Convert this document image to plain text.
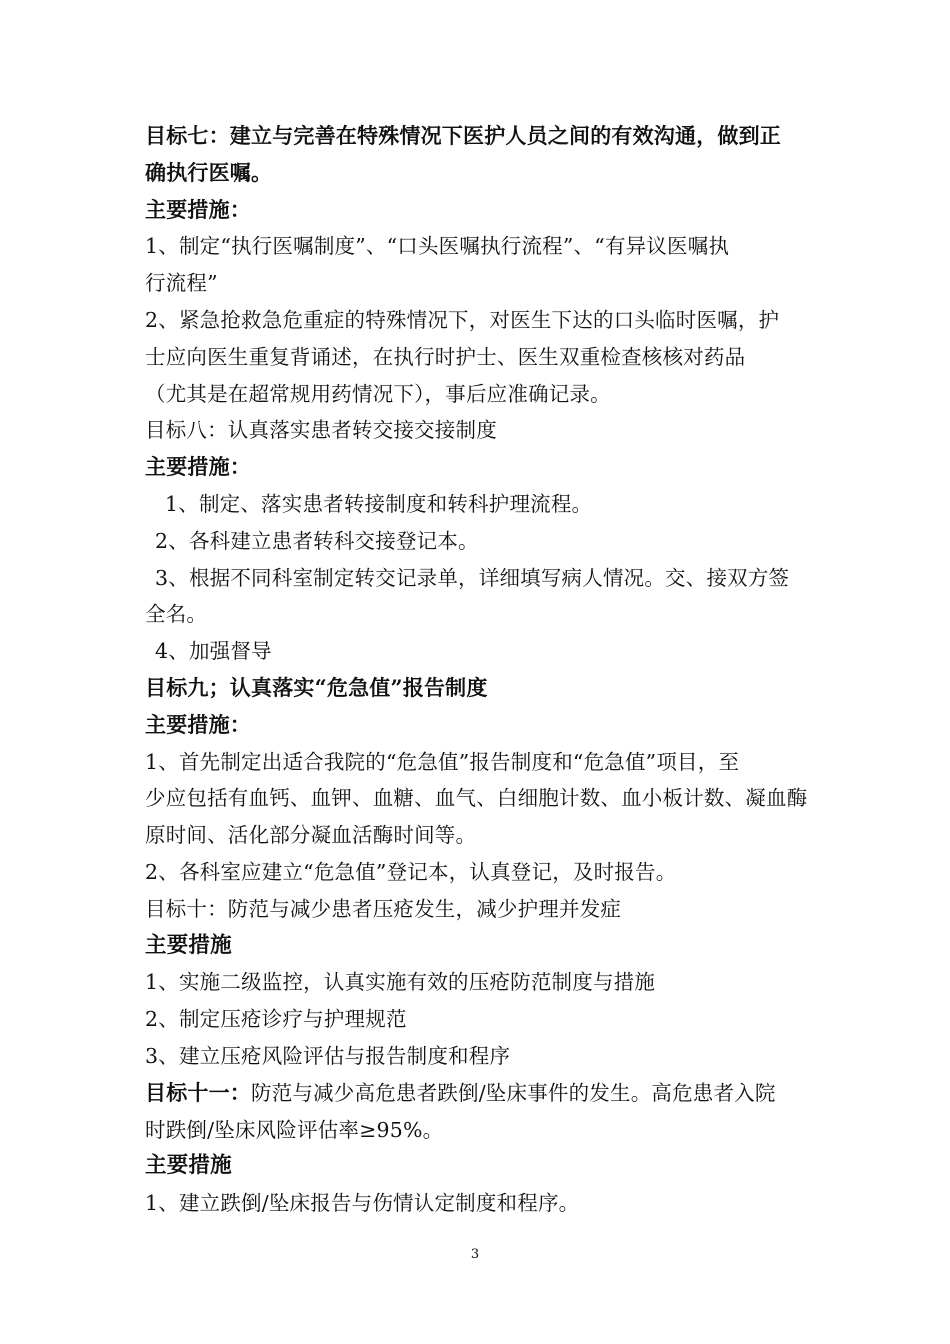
目标七：建立与完善在特殊情况下医护人员之间的有效沟通，做到正

确执行医嘱。

主要措施：

1、制定“执行医嘱制度”、“口头医嘱执行流程”、“有异议医嘱执

行流程”

2、紧急抢救急危重症的特殊情况下，对医生下达的口头临时医嘱，护

士应向医生重复背诵述，在执行时护士、医生双重检查核核对药品

（尤其是在超常规用药情况下），事后应准确记录。

目标八：认真落实患者转交接交接制度

主要措施：

1、制定、落实患者转接制度和转科护理流程。

2、各科建立患者转科交接登记本。

3、根据不同科室制定转交记录单，详细填写病人情况。交、接双方签

全名。

4、加强督导

目标九；认真落实“危急值”报告制度

主要措施：

1、首先制定出适合我院的“危急值”报告制度和“危急值”项目，至

少应包括有血钙、血钾、血糖、血气、白细胞计数、血小板计数、凝血酶

原时间、活化部分凝血活酶时间等。

2、各科室应建立“危急值”登记本，认真登记，及时报告。

目标十：防范与减少患者压疮发生，减少护理并发症

主要措施

1、实施二级监控，认真实施有效的压疮防范制度与措施

2、制定压疮诊疗与护理规范

3、建立压疮风险评估与报告制度和程序

目标十一：防范与减少高危患者跌倒/坠床事件的发生。高危患者入院

时跌倒/坠床风险评估率≥95%。

主要措施

1、建立跌倒/坠床报告与伤情认定制度和程序。

3
